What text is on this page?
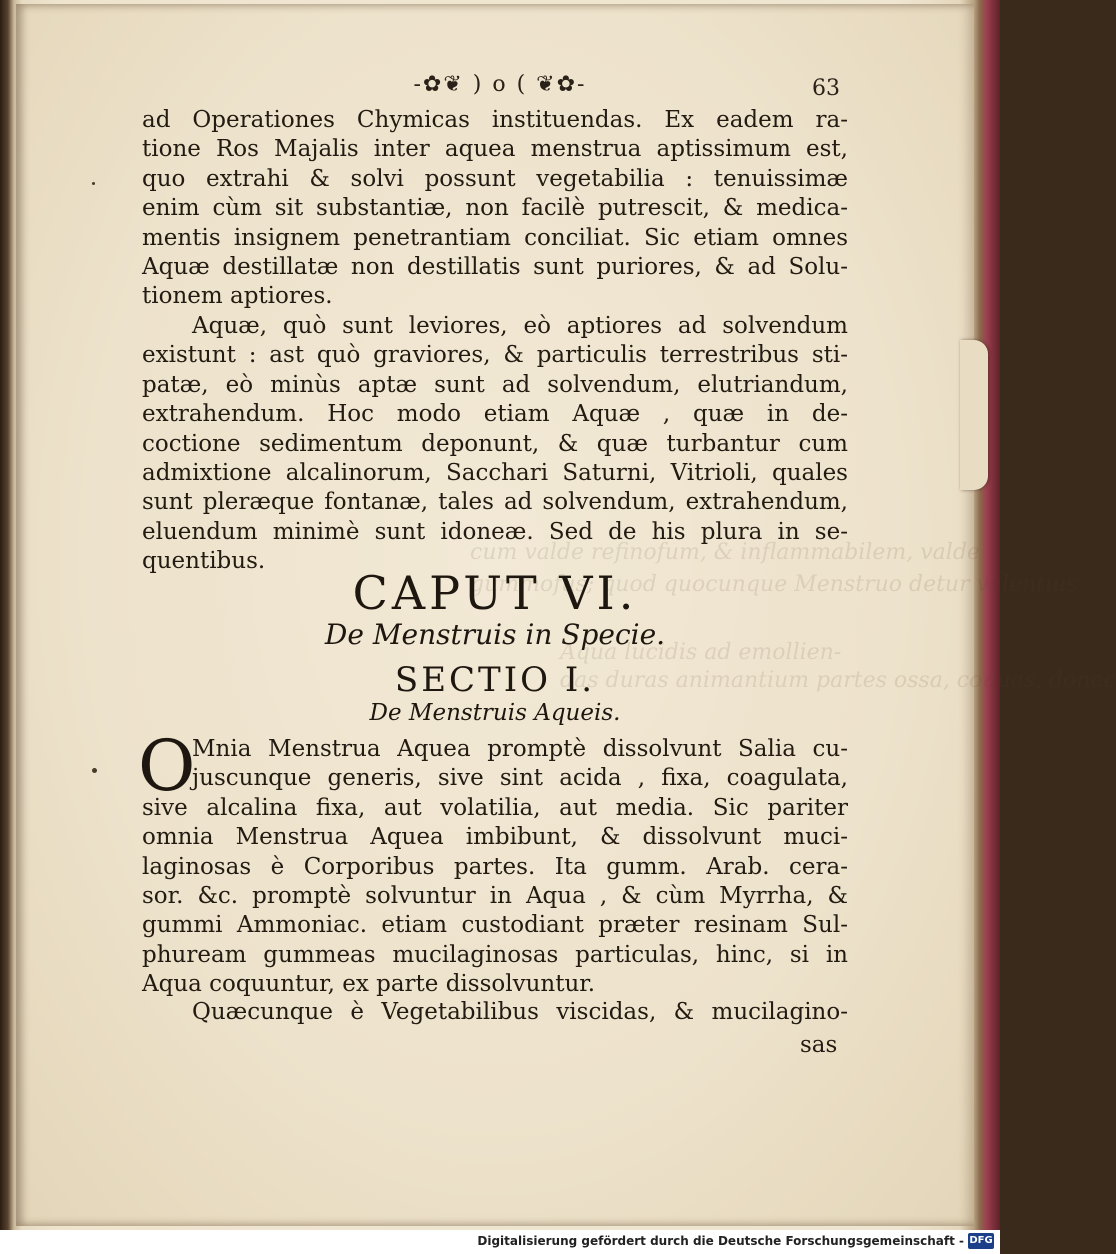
cum valde refinofum, & inflammabilem, valde
gummofus; quod quocunque Menstruo detur valentius
Aqua lucidis ad emollien-
das duras animantium partes ossa, coquas, donec
-✿❦ ) o ( ❦✿-	63
ad Operationes Chymicas instituendas. Ex eadem ra-
tione Ros Majalis inter aquea menstrua aptissimum est,
quo extrahi & solvi possunt vegetabilia : tenuissimæ
enim cùm sit substantiæ, non facilè putrescit, & medica-
mentis insignem penetrantiam conciliat. Sic etiam omnes
Aquæ destillatæ non destillatis sunt puriores, & ad Solu-
tionem aptiores.
Aquæ, quò sunt leviores, eò aptiores ad solvendum
existunt : ast quò graviores, & particulis terrestribus sti-
patæ, eò minùs aptæ sunt ad solvendum, elutriandum,
extrahendum. Hoc modo etiam Aquæ , quæ in de-
coctione sedimentum deponunt, & quæ turbantur cum
admixtione alcalinorum, Sacchari Saturni, Vitrioli, quales
sunt pleræque fontanæ, tales ad solvendum, extrahendum,
eluendum minimè sunt idoneæ. Sed de his plura in se-
quentibus.
CAPUT VI.
De Menstruis in Specie.
SECTIO I.
De Menstruis Aqueis.
O
Mnia Menstrua Aquea promptè dissolvunt Salia cu-
juscunque generis, sive sint acida , fixa, coagulata,
sive alcalina fixa, aut volatilia, aut media. Sic pariter
omnia Menstrua Aquea imbibunt, & dissolvunt muci-
laginosas è Corporibus partes. Ita gumm. Arab. cera-
sor. &c. promptè solvuntur in Aqua , & cùm Myrrha, &
gummi Ammoniac. etiam custodiant præter resinam Sul-
phuream gummeas mucilaginosas particulas, hinc, si in
Aqua coquuntur, ex parte dissolvuntur.
Quæcunque è Vegetabilibus viscidas, & mucilagino-
sas
Digitalisierung gefördert durch die Deutsche Forschungsgemeinschaft - DFG
